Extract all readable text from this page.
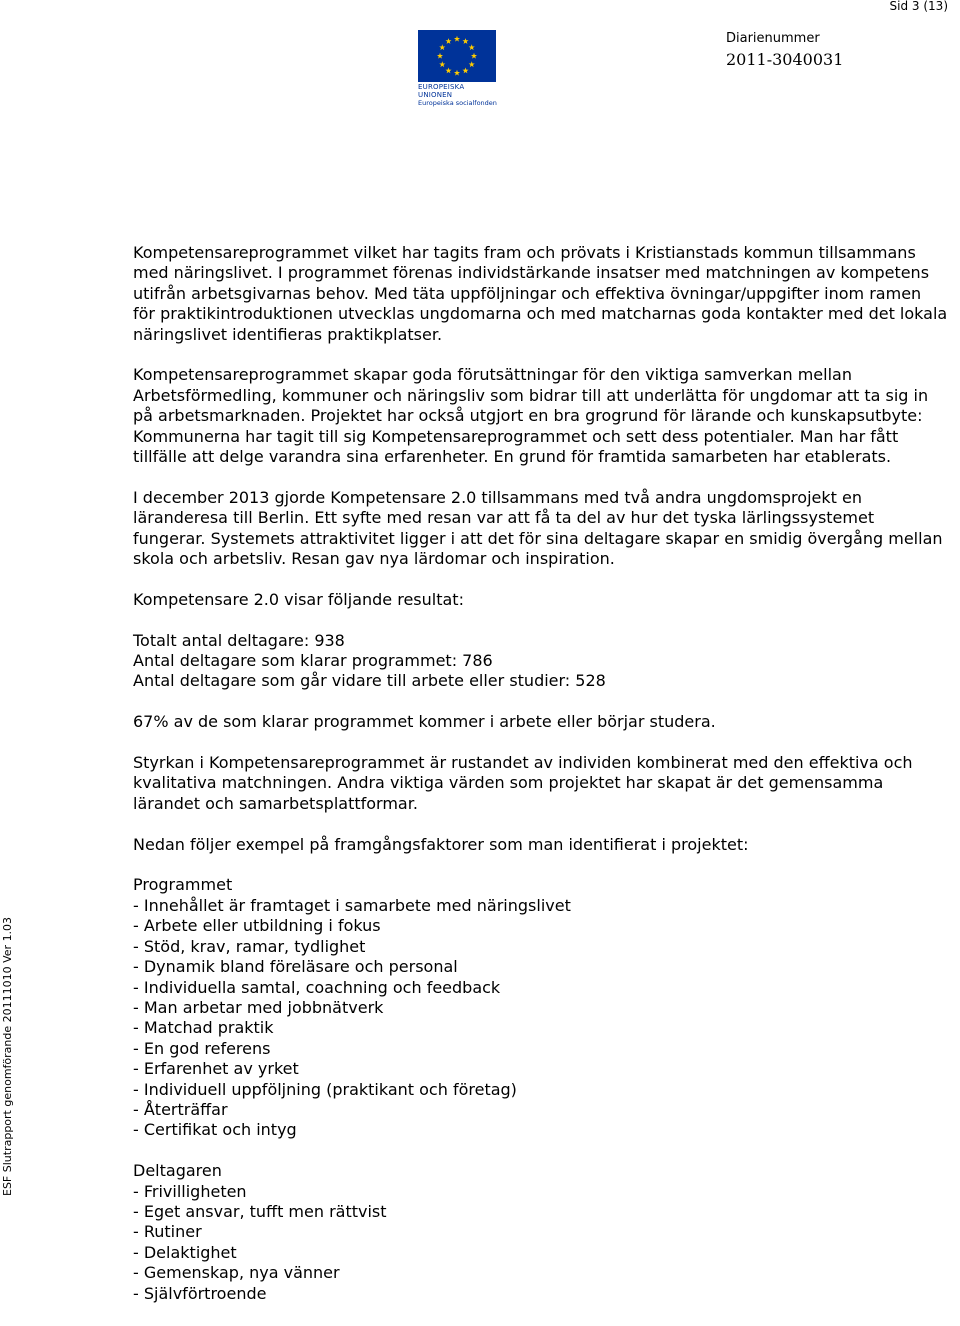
Sid 3 (13)
EUROPEISKA UNIONEN
Europeiska socialfonden
Diarienummer
2011-3040031
ESF Slutrapport genomförande 20111010 Ver 1.03

Kompetensareprogrammet vilket har tagits fram och prövats i Kristianstads kommun tillsammans med näringslivet. I programmet förenas individstärkande insatser med matchningen av kompetens utifrån arbetsgivarnas behov. Med täta uppföljningar och effektiva övningar/uppgifter inom ramen för praktikintroduktionen utvecklas ungdomarna och med matcharnas goda kontakter med det lokala näringslivet identifieras praktikplatser.

Kompetensareprogrammet skapar goda förutsättningar för den viktiga samverkan mellan Arbetsförmedling, kommuner och näringsliv som bidrar till att underlätta för ungdomar att ta sig in på arbetsmarknaden. Projektet har också utgjort en bra grogrund för lärande och kunskapsutbyte: Kommunerna har tagit till sig Kompetensareprogrammet och sett dess potentialer. Man har fått tillfälle att delge varandra sina erfarenheter. En grund för framtida samarbeten har etablerats.

I december 2013 gjorde Kompetensare 2.0 tillsammans med två andra ungdomsprojekt en läranderesa till Berlin. Ett syfte med resan var att få ta del av hur det tyska lärlingssystemet fungerar. Systemets attraktivitet ligger i att det för sina deltagare skapar en smidig övergång mellan skola och arbetsliv. Resan gav nya lärdomar och inspiration.

Kompetensare 2.0 visar följande resultat:

Totalt antal deltagare: 938
Antal deltagare som klarar programmet: 786
Antal deltagare som går vidare till arbete eller studier: 528

67% av de som klarar programmet kommer i arbete eller börjar studera.

Styrkan i Kompetensareprogrammet är rustandet av individen kombinerat med den effektiva och kvalitativa matchningen. Andra viktiga värden som projektet har skapat är det gemensamma lärandet och samarbetsplattformar.

Nedan följer exempel på framgångsfaktorer som man identifierat i projektet:

Programmet
- Innehållet är framtaget i samarbete med näringslivet
- Arbete eller utbildning i fokus
- Stöd, krav, ramar, tydlighet
- Dynamik bland föreläsare och personal
- Individuella samtal, coachning och feedback
- Man arbetar med jobbnätverk
- Matchad praktik
- En god referens
- Erfarenhet av yrket
- Individuell uppföljning (praktikant och företag)
- Återträffar
- Certifikat och intyg
Deltagaren
- Frivilligheten
- Eget ansvar, tufft men rättvist
- Rutiner
- Delaktighet
- Gemenskap, nya vänner
- Självförtroende
